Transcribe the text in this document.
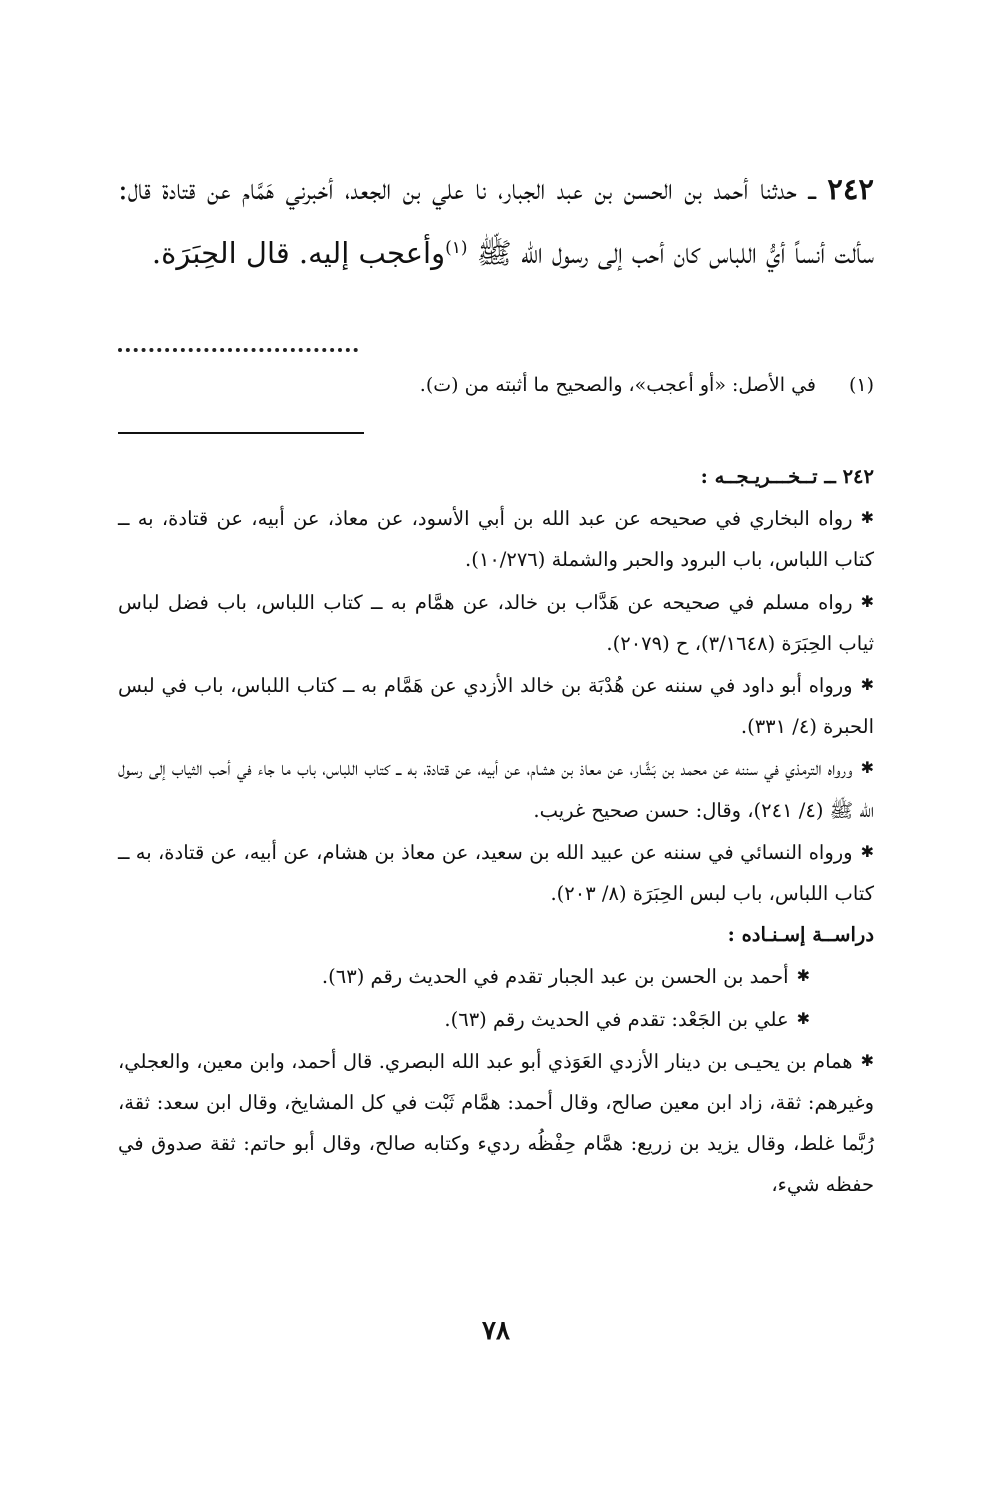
٢٤٢ ــ حدثنا أحمد بن الحسن بن عبد الجبار، نا علي بن الجعد، أخبرني هَمَّام عن قتادة قال: سألت أنساً أيُّ اللباس كان أحب إلى رسول الله ﷺ $^{(١)}$وأعجب إليه. قال الحِبَرَة.

(١)في الأصل: «أو أعجب»، والصحيح ما أثبته من (ت).

٢٤٢ ــ تــخـــريـجــه :

✱رواه البخاري في صحيحه عن عبد الله بن أبي الأسود، عن معاذ، عن أبيه، عن قتادة، به ــ كتاب اللباس، باب البرود والحبر والشملة (١٠/٢٧٦).

✱رواه مسلم في صحيحه عن هَدَّاب بن خالد، عن همَّام به ــ كتاب اللباس، باب فضل لباس ثياب الحِبَرَة (٣/١٦٤٨)، ح (٢٠٧٩).

✱ورواه أبو داود في سننه عن هُدْبَة بن خالد الأزدي عن هَمَّام به ــ كتاب اللباس، باب في لبس الحبرة (٤/ ٣٣١).

✱ورواه الترمذي في سننه عن محمد بن بَشَّار، عن معاذ بن هشام، عن أبيه، عن قتادة، به ــ كتاب اللباس، باب ما جاء في أحب الثياب إلى رسول الله ﷺ (٤/ ٢٤١)، وقال: حسن صحيح غريب.

✱ورواه النسائي في سننه عن عبيد الله بن سعيد، عن معاذ بن هشام، عن أبيه، عن قتادة، به ــ كتاب اللباس، باب لبس الحِبَرَة (٨/ ٢٠٣).

دراســة إسـنـاده :

✱أحمد بن الحسن بن عبد الجبار تقدم في الحديث رقم (٦٣).

✱علي بن الجَعْد: تقدم في الحديث رقم (٦٣).

✱همام بن يحيـى بن دينار الأزدي العَوَذي أبو عبد الله البصري. قال أحمد، وابن معين، والعجلي، وغيرهم: ثقة، زاد ابن معين صالح، وقال أحمد: همَّام ثَبْت في كل المشايخ، وقال ابن سعد: ثقة، رُبَّما غلط، وقال يزيد بن زريع: همَّام حِفْظُه رديء وكتابه صالح، وقال أبو حاتم: ثقة صدوق في حفظه شيء،

٧٨
